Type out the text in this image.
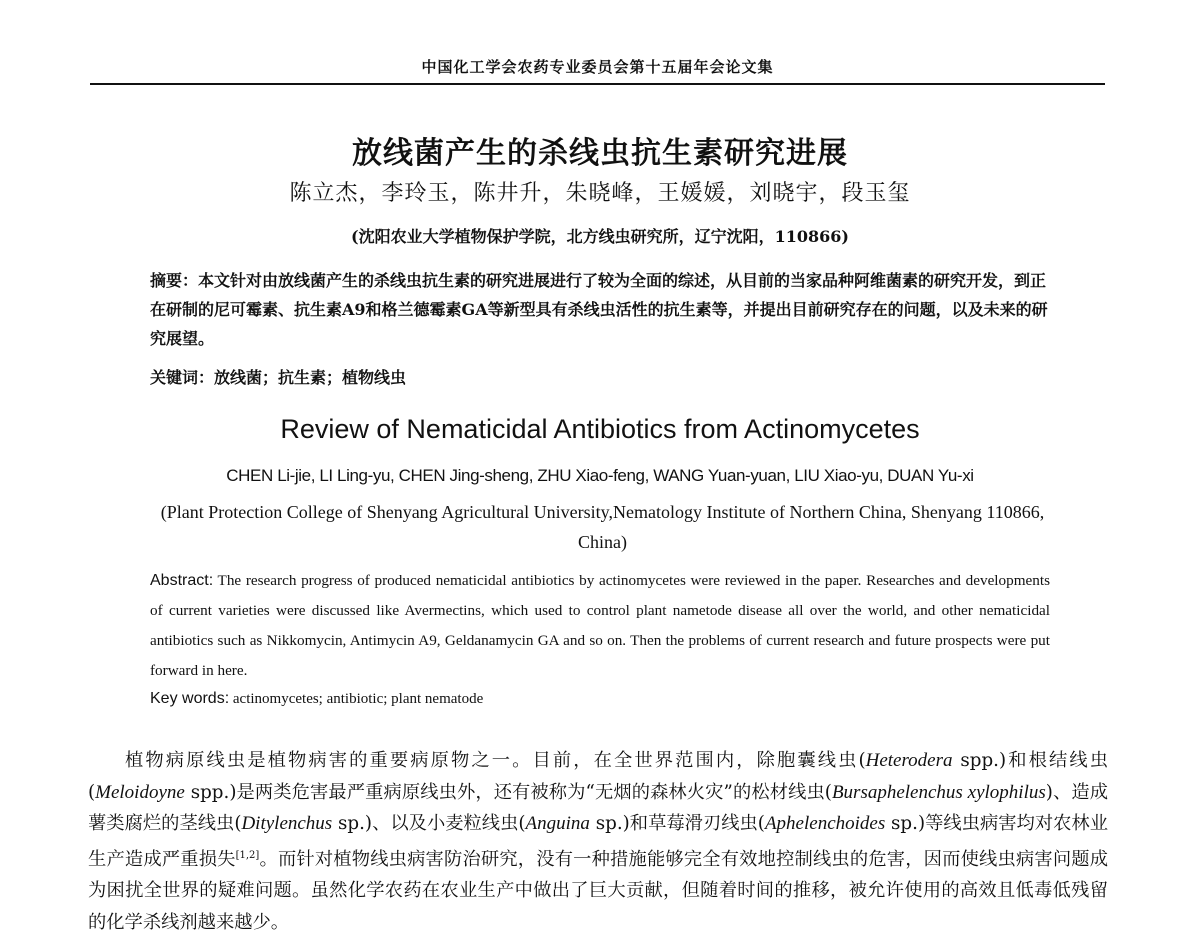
中国化工学会农药专业委员会第十五届年会论文集
放线菌产生的杀线虫抗生素研究进展
陈立杰，李玲玉，陈井升，朱晓峰，王媛媛，刘晓宇，段玉玺
(沈阳农业大学植物保护学院，北方线虫研究所，辽宁沈阳，110866)
摘要：本文针对由放线菌产生的杀线虫抗生素的研究进展进行了较为全面的综述，从目前的当家品种阿维菌素的研究开发，到正在研制的尼可霉素、抗生素A9和格兰德霉素GA等新型具有杀线虫活性的抗生素等，并提出目前研究存在的问题，以及未来的研究展望。
关键词：放线菌；抗生素；植物线虫
Review of Nematicidal Antibiotics from Actinomycetes
CHEN Li-jie, LI Ling-yu, CHEN Jing-sheng, ZHU Xiao-feng, WANG Yuan-yuan, LIU Xiao-yu, DUAN Yu-xi
(Plant Protection College of Shenyang Agricultural University,Nematology Institute of Northern China, Shenyang 110866, China)
Abstract: The research progress of produced nematicidal antibiotics by actinomycetes were reviewed in the paper. Researches and developments of current varieties were discussed like Avermectins, which used to control plant nametode disease all over the world, and other nematicidal antibiotics such as Nikkomycin, Antimycin A9, Geldanamycin GA and so on. Then the problems of current research and future prospects were put forward in here.
Key words: actinomycetes; antibiotic; plant nematode
植物病原线虫是植物病害的重要病原物之一。目前，在全世界范围内，除胞囊线虫(Heterodera spp.)和根结线虫(Meloidoyne spp.)是两类危害最严重病原线虫外，还有被称为“无烟的森林火灾”的松材线虫(Bursaphelenchus xylophilus)、造成薯类腐烂的茎线虫(Ditylenchus sp.)、以及小麦粒线虫(Anguina sp.)和草莓滑刃线虫(Aphelenchoides sp.)等线虫病害均对农林业生产造成严重损失[1,2]。而针对植物线虫病害防治研究，没有一种措施能够完全有效地控制线虫的危害，因而使线虫病害问题成为困扰全世界的疑难问题。虽然化学农药在农业生产中做出了巨大贡献，但随着时间的推移，被允许使用的高效且低毒低残留的化学杀线剂越来越少。
